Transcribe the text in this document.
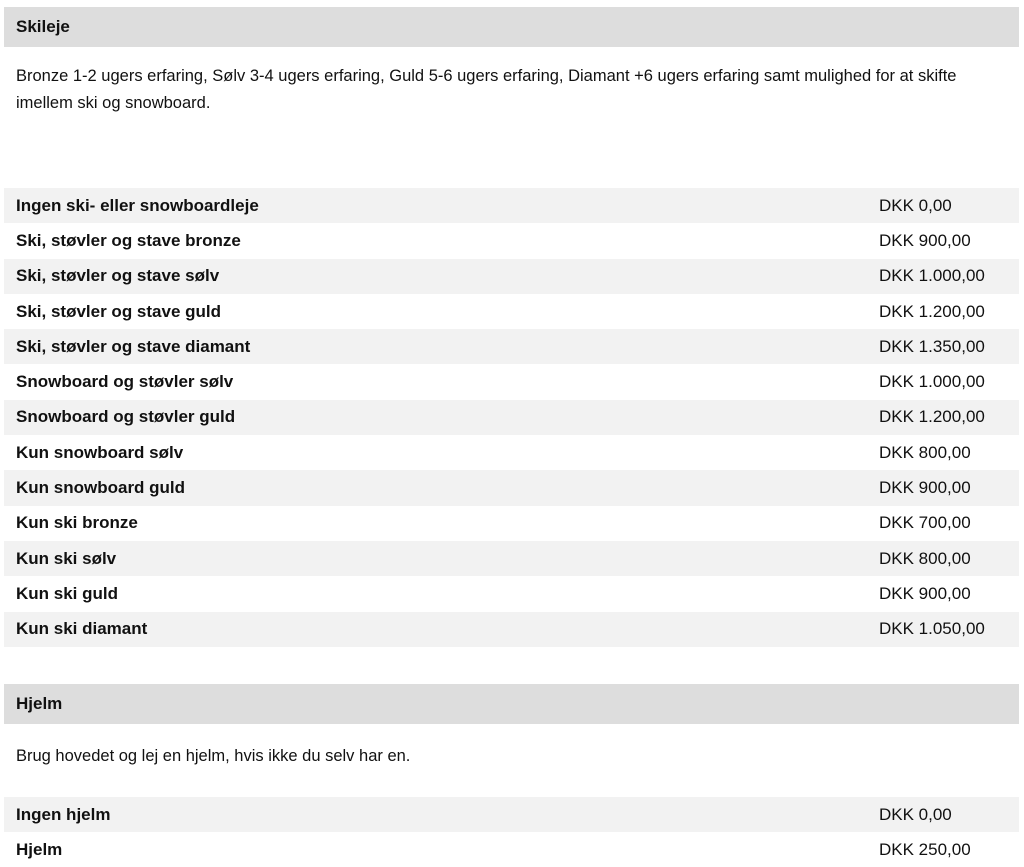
Skileje
Bronze 1-2 ugers erfaring, Sølv 3-4 ugers erfaring, Guld 5-6 ugers erfaring, Diamant +6 ugers erfaring samt mulighed for at skifte imellem ski og snowboard.
Ingen ski- eller snowboardleje	DKK 0,00
Ski, støvler og stave bronze	DKK 900,00
Ski, støvler og stave sølv	DKK 1.000,00
Ski, støvler og stave guld	DKK 1.200,00
Ski, støvler og stave diamant	DKK 1.350,00
Snowboard og støvler sølv	DKK 1.000,00
Snowboard og støvler guld	DKK 1.200,00
Kun snowboard sølv	DKK 800,00
Kun snowboard guld	DKK 900,00
Kun ski bronze	DKK 700,00
Kun ski sølv	DKK 800,00
Kun ski guld	DKK 900,00
Kun ski diamant	DKK 1.050,00
Hjelm
Brug hovedet og lej en hjelm, hvis ikke du selv har en.
Ingen hjelm	DKK 0,00
Hjelm	DKK 250,00
